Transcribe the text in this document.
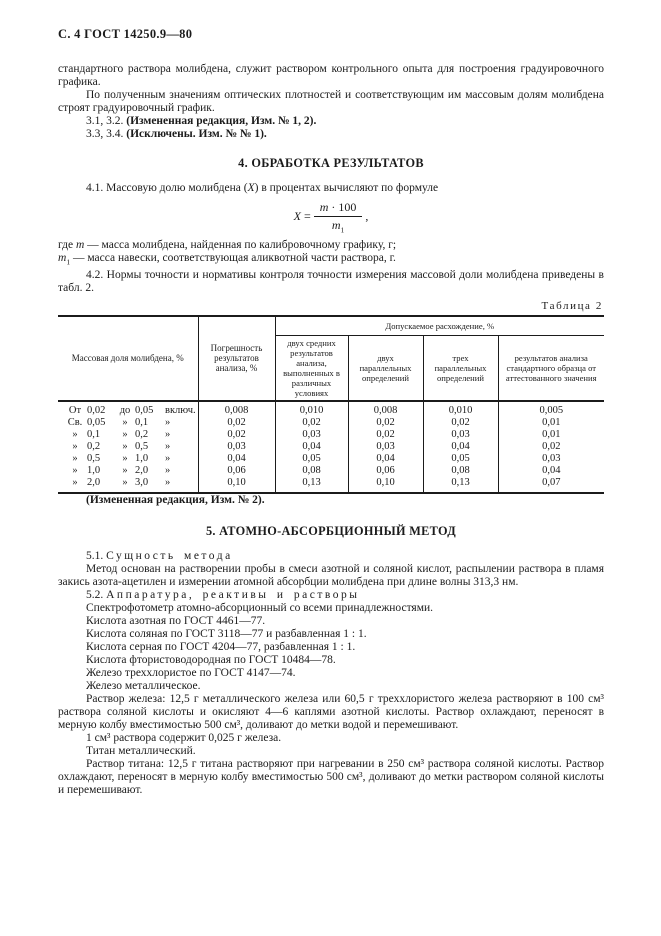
С. 4 ГОСТ 14250.9—80

стандартного раствора молибдена, служит раствором контрольного опыта для построения градуировочного графика.

По полученным значениям оптических плотностей и соответствующим им массовым долям молибдена строят градуировочный график.

3.1, 3.2. (Измененная редакция, Изм. № 1, 2).

3.3, 3.4. (Исключены. Изм. № № 1).

4. ОБРАБОТКА РЕЗУЛЬТАТОВ

4.1. Массовую долю молибдена (X) в процентах вычисляют по формуле

$X = \frac{m \cdot 100}{m_1}$ ,

где m — масса молибдена, найденная по калибровочному графику, г;

$m_1$ — масса навески, соответствующая аликвотной части раствора, г.

4.2. Нормы точности и нормативы контроля точности измерения массовой доли молибдена приведены в табл. 2.

Таблица 2
Массовая доля молибдена, %	Погрешность результатов анализа, %	Допускаемое расхождение, %			
		двух средних результатов анализа, выполненных в различных условиях	двух параллельных определений	трех параллельных определений	результатов анализа стандартного образца от аттестованного значения
От 0,02 до 0,05 включ.	0,008	0,010	0,008	0,010	0,005
Св. 0,05 » 0,1 »	0,02	0,02	0,02	0,02	0,01
» 0,1 » 0,2 »	0,02	0,03	0,02	0,03	0,01
» 0,2 » 0,5 »	0,03	0,04	0,03	0,04	0,02
» 0,5 » 1,0 »	0,04	0,05	0,04	0,05	0,03
» 1,0 » 2,0 »	0,06	0,08	0,06	0,08	0,04
» 2,0 » 3,0 »	0,10	0,13	0,10	0,13	0,07

(Измененная редакция, Изм. № 2).

5. АТОМНО-АБСОРБЦИОННЫЙ МЕТОД

5.1. Сущность метода

Метод основан на растворении пробы в смеси азотной и соляной кислот, распылении раствора в пламя закись азота-ацетилен и измерении атомной абсорбции молибдена при длине волны 313,3 нм.

5.2. Аппаратура, реактивы и растворы

Спектрофотометр атомно-абсорционный со всеми принадлежностями.

Кислота азотная по ГОСТ 4461—77.

Кислота соляная по ГОСТ 3118—77 и разбавленная 1 : 1.

Кислота серная по ГОСТ 4204—77, разбавленная 1 : 1.

Кислота фтористоводородная по ГОСТ 10484—78.

Железо треххлористое по ГОСТ 4147—74.

Железо металлическое.

Раствор железа: 12,5 г металлического железа или 60,5 г треххлористого железа растворяют в 100 см³ раствора соляной кислоты и окисляют 4—6 каплями азотной кислоты. Раствор охлаждают, переносят в мерную колбу вместимостью 500 см³, доливают до метки водой и перемешивают.

1 см³ раствора содержит 0,025 г железа.

Титан металлический.

Раствор титана: 12,5 г титана растворяют при нагревании в 250 см³ раствора соляной кислоты. Раствор охлаждают, переносят в мерную колбу вместимостью 500 см³, доливают до метки раствором соляной кислоты и перемешивают.
